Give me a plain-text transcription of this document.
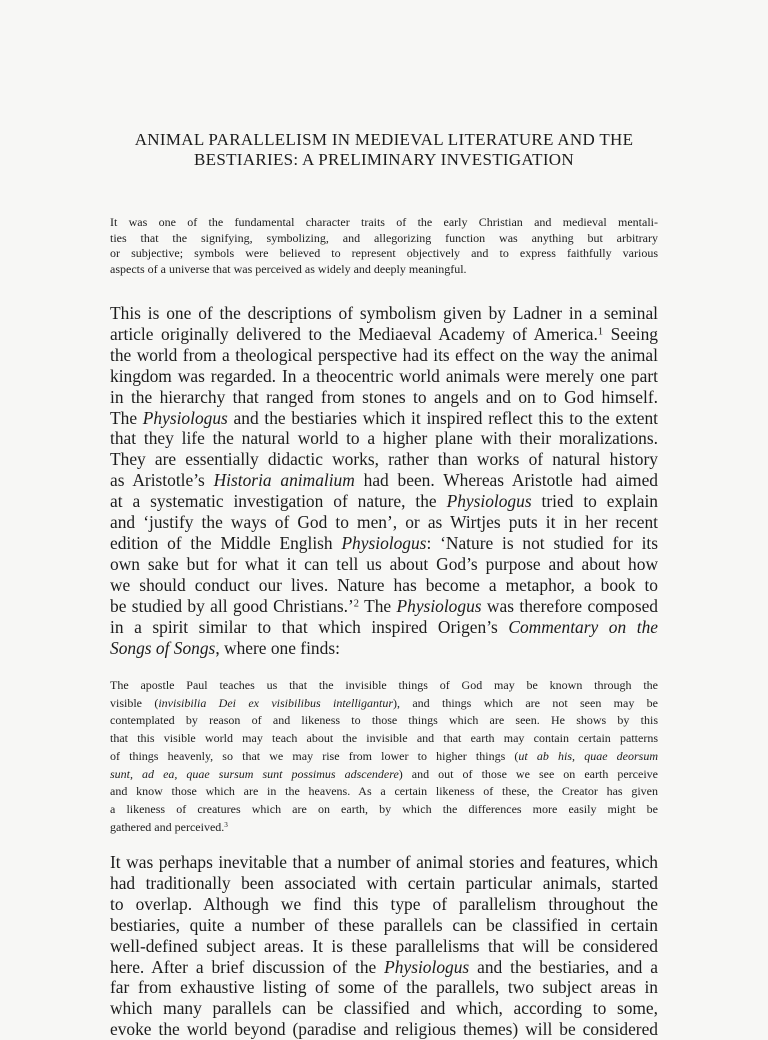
ANIMAL PARALLELISM IN MEDIEVAL LITERATURE AND THE
BESTIARIES: A PRELIMINARY INVESTIGATION
It was one of the fundamental character traits of the early Christian and medieval mentali-
ties that the signifying, symbolizing, and allegorizing function was anything but arbitrary
or subjective; symbols were believed to represent objectively and to express faithfully various
aspects of a universe that was perceived as widely and deeply meaningful.
This is one of the descriptions of symbolism given by Ladner in a seminal
article originally delivered to the Mediaeval Academy of America.$^1$ Seeing
the world from a theological perspective had its effect on the way the animal
kingdom was regarded. In a theocentric world animals were merely one part
in the hierarchy that ranged from stones to angels and on to God himself.
The Physiologus and the bestiaries which it inspired reflect this to the extent
that they life the natural world to a higher plane with their moralizations.
They are essentially didactic works, rather than works of natural history
as Aristotle’s Historia animalium had been. Whereas Aristotle had aimed
at a systematic investigation of nature, the Physiologus tried to explain
and ‘justify the ways of God to men’, or as Wirtjes puts it in her recent
edition of the Middle English Physiologus: ‘Nature is not studied for its
own sake but for what it can tell us about God’s purpose and about how
we should conduct our lives. Nature has become a metaphor, a book to
be studied by all good Christians.’$^2$ The Physiologus was therefore composed
in a spirit similar to that which inspired Origen’s Commentary on the
Songs of Songs, where one finds:
The apostle Paul teaches us that the invisible things of God may be known through the
visible (invisibilia Dei ex visibilibus intelligantur), and things which are not seen may be
contemplated by reason of and likeness to those things which are seen. He shows by this
that this visible world may teach about the invisible and that earth may contain certain patterns
of things heavenly, so that we may rise from lower to higher things (ut ab his, quae deorsum
sunt, ad ea, quae sursum sunt possimus adscendere) and out of those we see on earth perceive
and know those which are in the heavens. As a certain likeness of these, the Creator has given
a likeness of creatures which are on earth, by which the differences more easily might be
gathered and perceived.$^3$
It was perhaps inevitable that a number of animal stories and features, which
had traditionally been associated with certain particular animals, started
to overlap. Although we find this type of parallelism throughout the
bestiaries, quite a number of these parallels can be classified in certain
well-defined subject areas. It is these parallelisms that will be considered
here. After a brief discussion of the Physiologus and the bestiaries, and a
far from exhaustive listing of some of the parallels, two subject areas in
which many parallels can be classified and which, according to some,
evoke the world beyond (paradise and religious themes) will be considered
